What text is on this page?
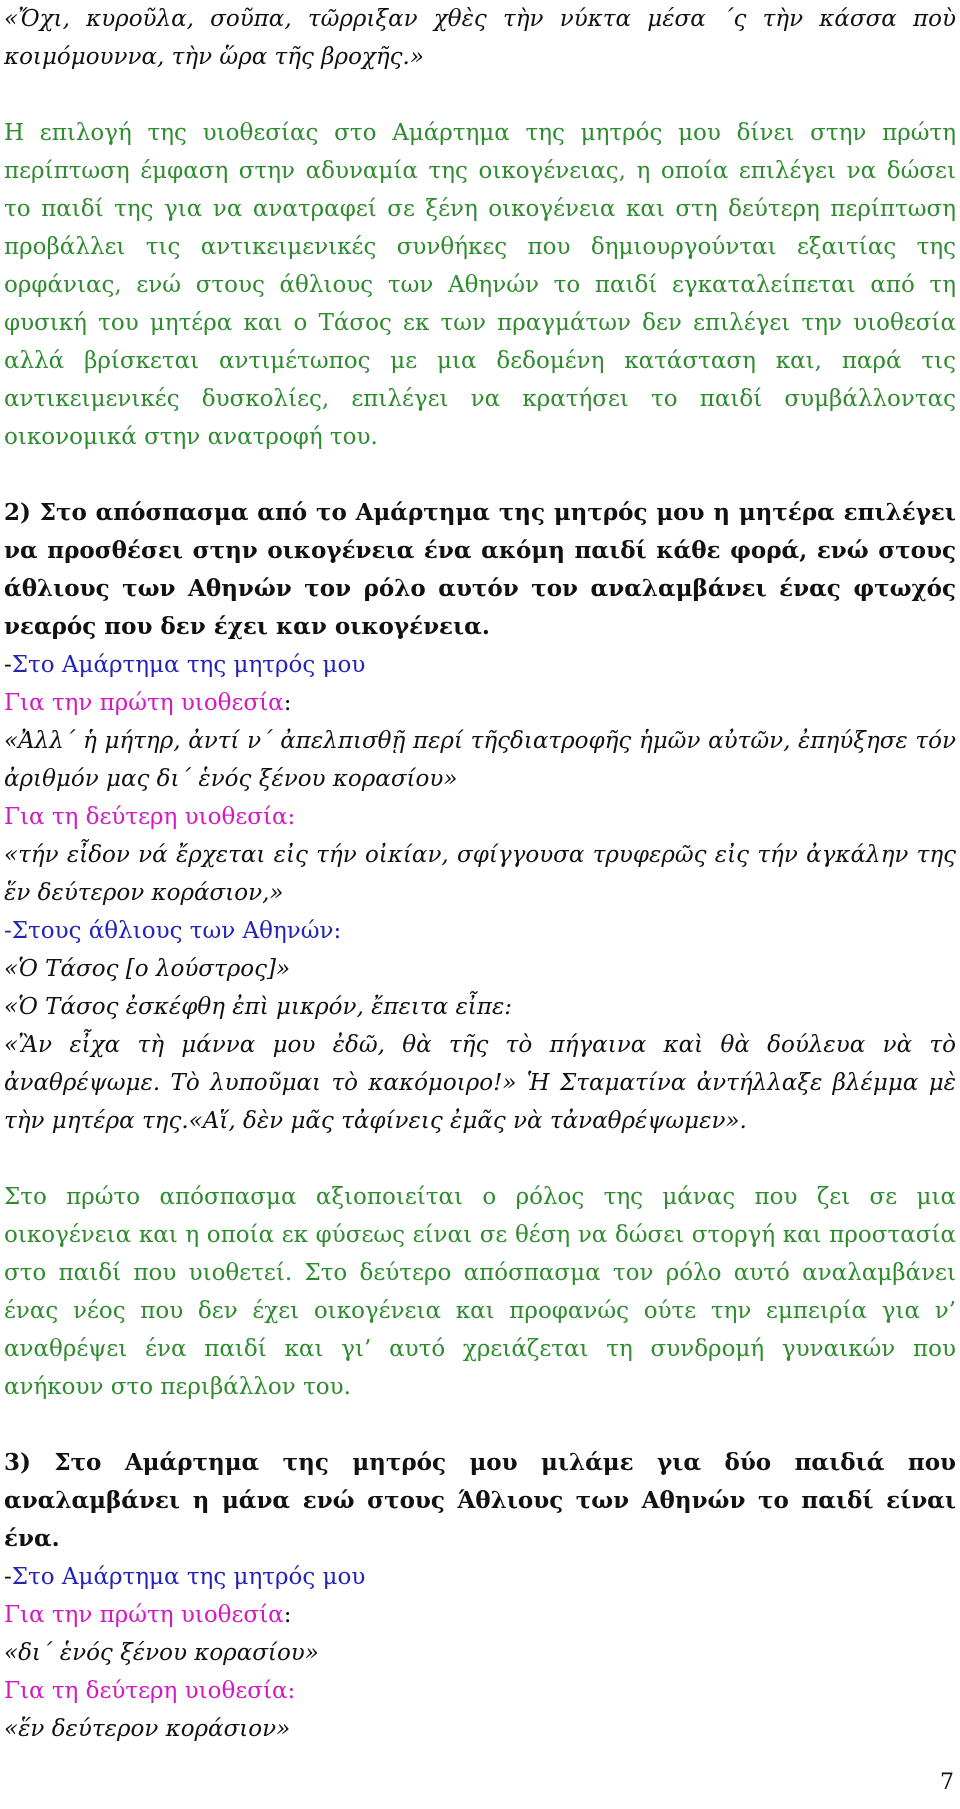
«Ὄχι, κυροῦλα, σοῦπα, τῶρριξαν χθὲς τὴν νύκτα μέσα ΄ς τὴν κάσσα ποὺ κοιμόμουννα, τὴν ὥρα τῆς βροχῆς.»

Η επιλογή της υιοθεσίας στο Αμάρτημα της μητρός μου δίνει στην πρώτη περίπτωση έμφαση στην αδυναμία της οικογένειας, η οποία επιλέγει να δώσει το παιδί της για να ανατραφεί σε ξένη οικογένεια και στη δεύτερη περίπτωση προβάλλει τις αντικειμενικές συνθήκες που δημιουργούνται εξαιτίας της ορφάνιας, ενώ στους άθλιους των Αθηνών το παιδί εγκαταλείπεται από τη φυσική του μητέρα και ο Τάσος εκ των πραγμάτων δεν επιλέγει την υιοθεσία αλλά βρίσκεται αντιμέτωπος με μια δεδομένη κατάσταση και, παρά τις αντικειμενικές δυσκολίες, επιλέγει να κρατήσει το παιδί συμβάλλοντας οικονομικά στην ανατροφή του.

2) Στο απόσπασμα από το Αμάρτημα της μητρός μου η μητέρα επιλέγει να προσθέσει στην οικογένεια ένα ακόμη παιδί κάθε φορά, ενώ στους άθλιους των Αθηνών τον ρόλο αυτόν τον αναλαμβάνει ένας φτωχός νεαρός που δεν έχει καν οικογένεια.

-Στο Αμάρτημα της μητρός μου

Για την πρώτη υιοθεσία:

«Ἀλλ΄ ἡ μήτηρ, ἀντί ν΄ ἀπελπισθῇ περί τῆςδιατροφῆς ἡμῶν αὐτῶν, ἐπηύξησε τόν ἀριθμόν μας δι΄ ἑνός ξένου κορασίου»

Για τη δεύτερη υιοθεσία:

«τήν εἶδον νά ἔρχεται εἰς τήν οἰκίαν, σφίγγουσα τρυφερῶς εἰς τήν ἀγκάλην της ἕν δεύτερον κοράσιον,»

-Στους άθλιους των Αθηνών:

«Ὁ Τάσος [ο λούστρος]»

«Ὁ Τάσος ἐσκέφθη ἐπὶ μικρόν, ἔπειτα εἶπε:

«Ἂν εἶχα τὴ μάννα μου ἐδῶ, θὰ τῆς τὸ πήγαινα καὶ θὰ δούλευα νὰ τὸ ἀναθρέψωμε. Τὸ λυποῦμαι τὸ κακόμοιρο!» Ἡ Σταματίνα ἀντήλλαξε βλέμμα μὲ τὴν μητέρα της.«Αἵ, δὲν μᾶς τἀφίνεις ἐμᾶς νὰ τἀναθρέψωμεν».

Στο πρώτο απόσπασμα αξιοποιείται ο ρόλος της μάνας που ζει σε μια οικογένεια και η οποία εκ φύσεως είναι σε θέση να δώσει στοργή και προστασία στο παιδί που υιοθετεί. Στο δεύτερο απόσπασμα τον ρόλο αυτό αναλαμβάνει ένας νέος που δεν έχει οικογένεια και προφανώς ούτε την εμπειρία για ν’ αναθρέψει ένα παιδί και γι’ αυτό χρειάζεται τη συνδρομή γυναικών που ανήκουν στο περιβάλλον του.

3) Στο Αμάρτημα της μητρός μου μιλάμε για δύο παιδιά που αναλαμβάνει η μάνα ενώ στους Άθλιους των Αθηνών το παιδί είναι ένα.

-Στο Αμάρτημα της μητρός μου

Για την πρώτη υιοθεσία:

«δι΄ ἑνός ξένου κορασίου»

Για τη δεύτερη υιοθεσία:

«ἕν δεύτερον κοράσιον»

7
